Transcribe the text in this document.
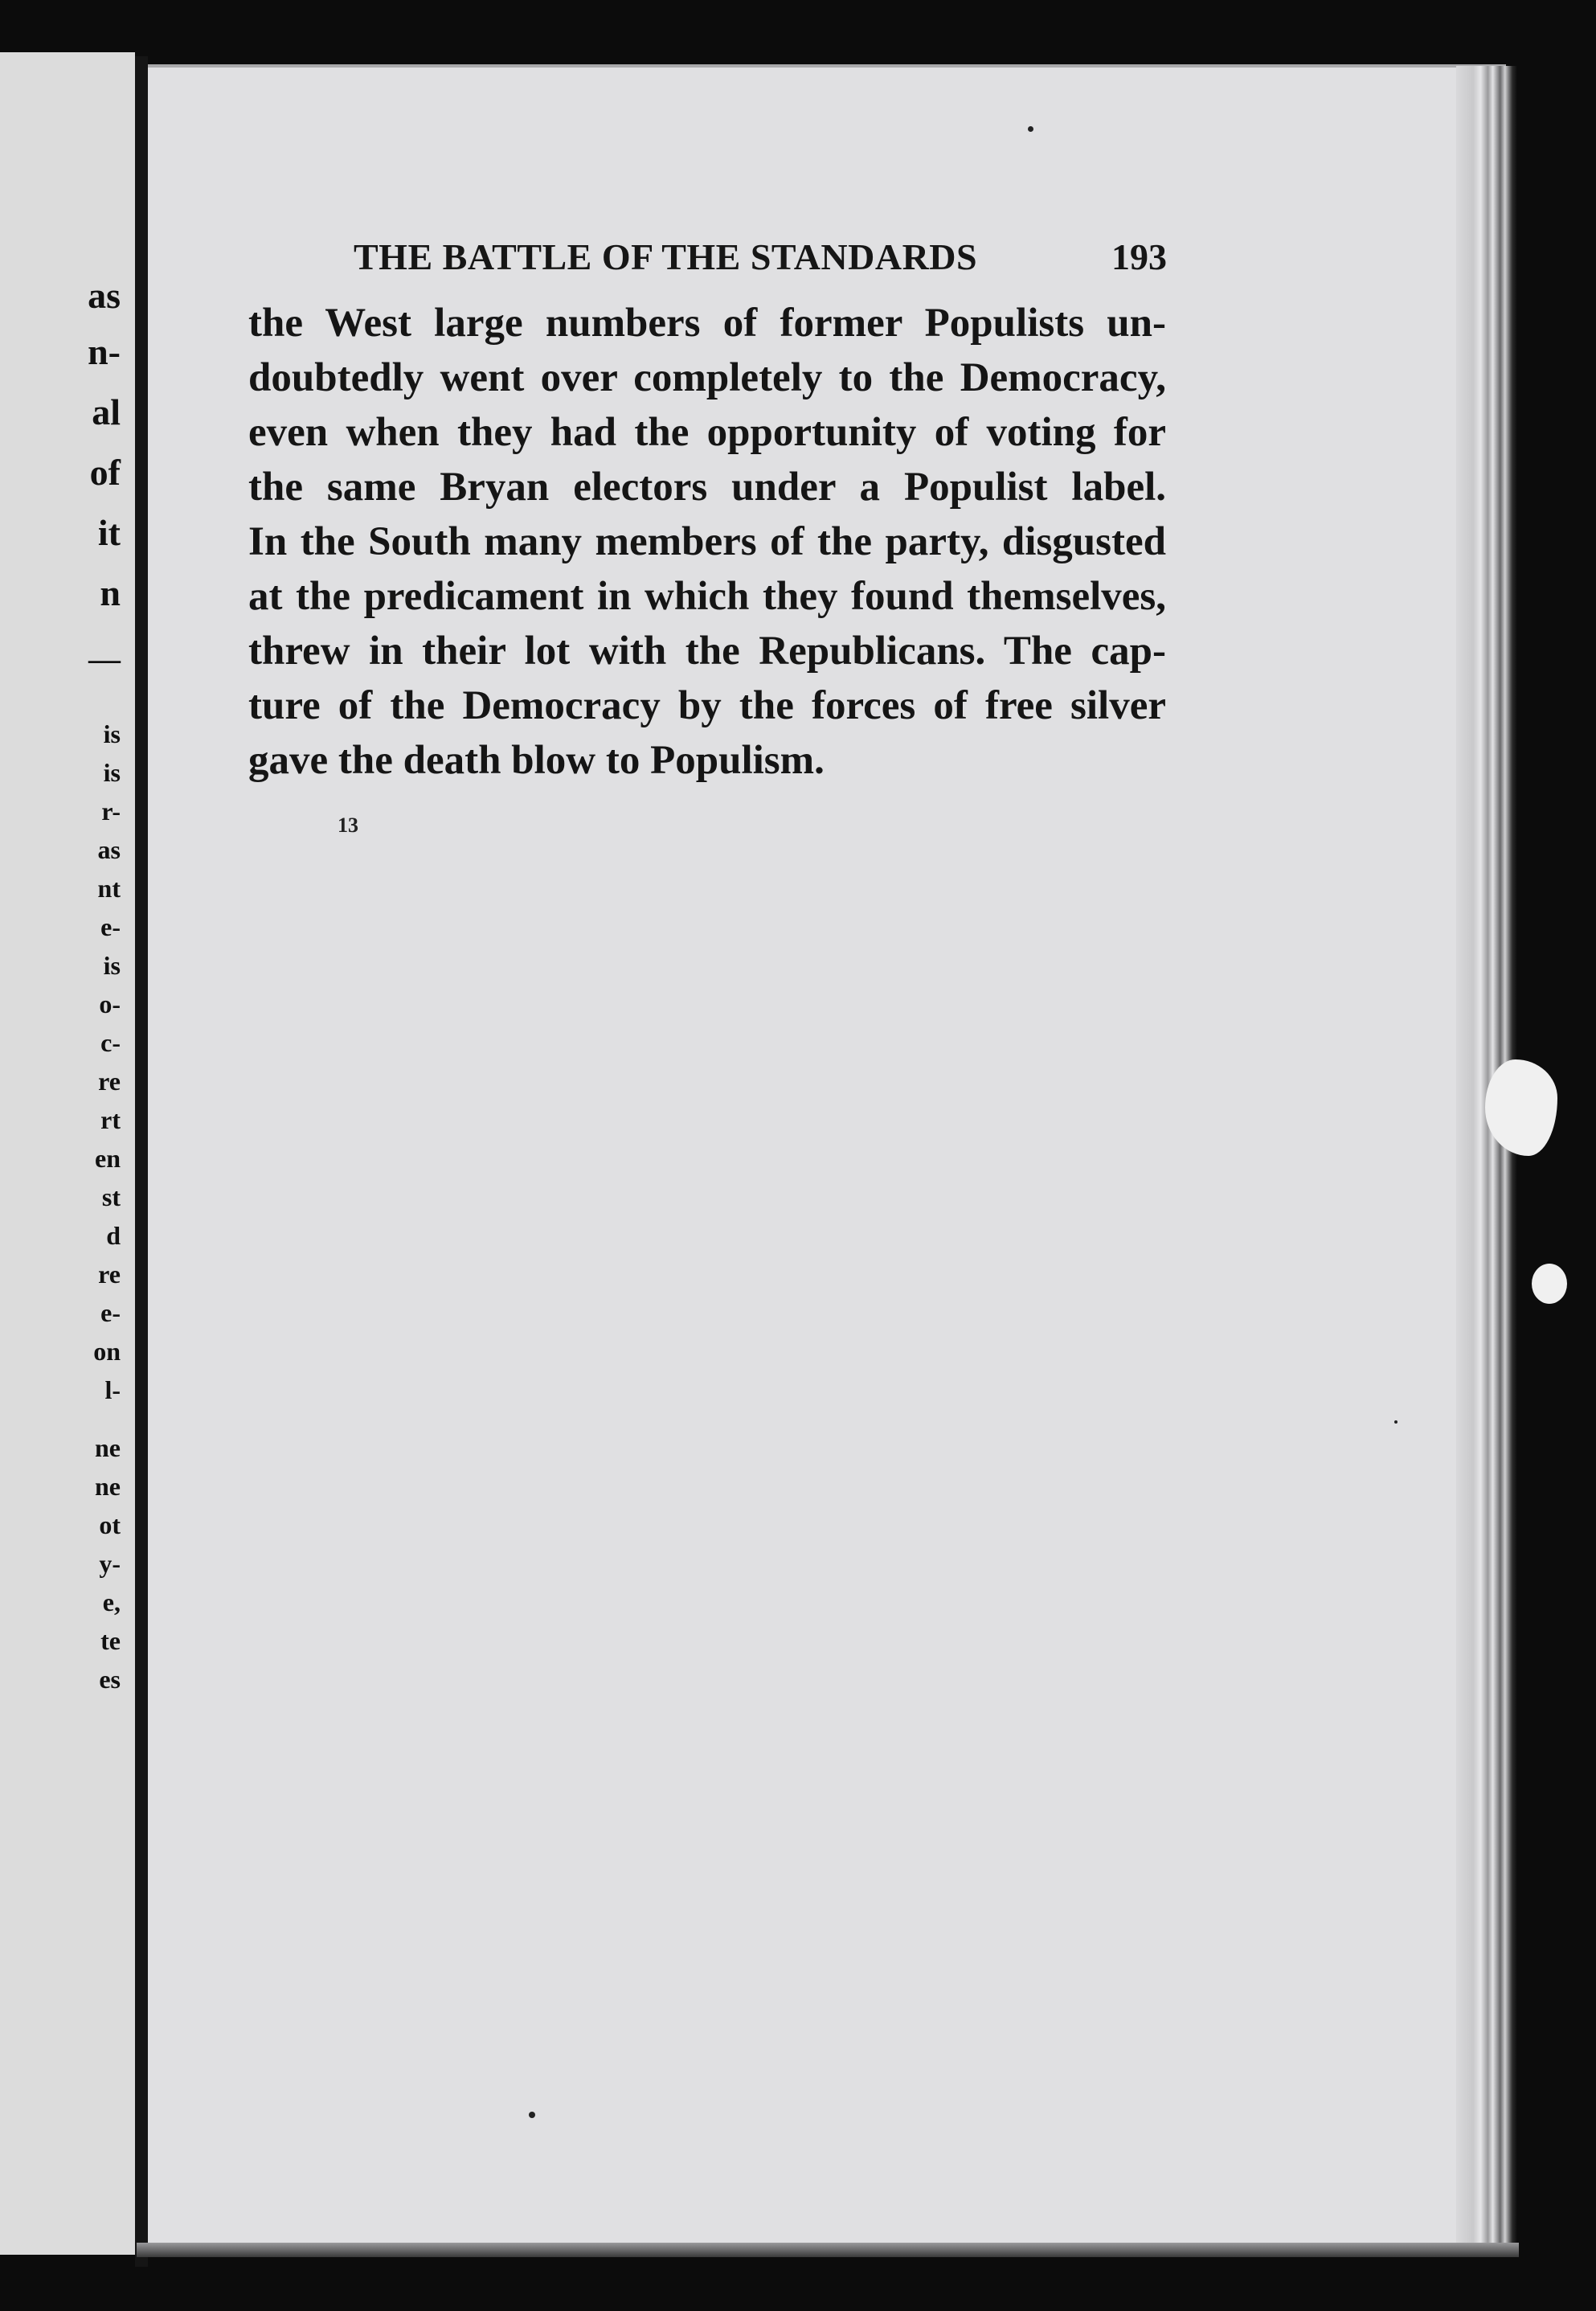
as
n-
al
of
it
n
—
is
is
r-
as
nt
e-
is
o-
c-
re
rt
en
st
d
re
e-
on
l-
ne
ne
ot
y-
e,
te
es
THE BATTLE OF THE STANDARDS	193
the West large numbers of former Populists un-
doubtedly went over completely to the Democracy,
even when they had the opportunity of voting for
the same Bryan electors under a Populist label.
In the South many members of the party, disgusted
at the predicament in which they found themselves,
threw in their lot with the Republicans. The cap-
ture of the Democracy by the forces of free silver
gave the death blow to Populism.
13
